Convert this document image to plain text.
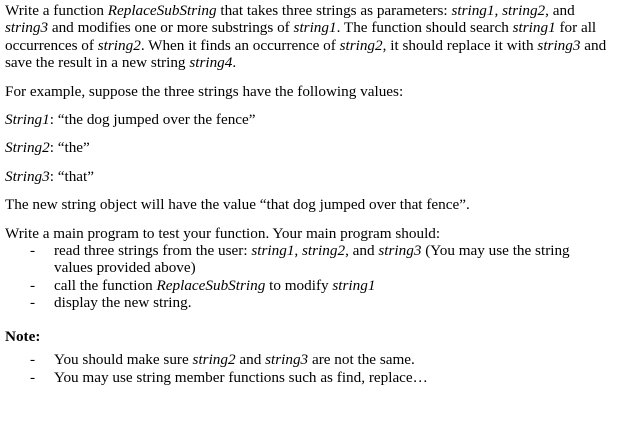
Write a function ReplaceSubString that takes three strings as parameters: string1, string2, and string3 and modifies one or more substrings of string1. The function should search string1 for all occurrences of string2. When it finds an occurrence of string2, it should replace it with string3 and save the result in a new string string4.

For example, suppose the three strings have the following values:

String1: “the dog jumped over the fence”

String2: “the”

String3: “that”

The new string object will have the value “that dog jumped over that fence”.

Write a main program to test your function. Your main program should:

- read three strings from the user: string1, string2, and string3 (You may use the string values provided above)
- call the function ReplaceSubString to modify string1
- display the new string.

Note:

- You should make sure string2 and string3 are not the same.
- You may use string member functions such as find, replace…
